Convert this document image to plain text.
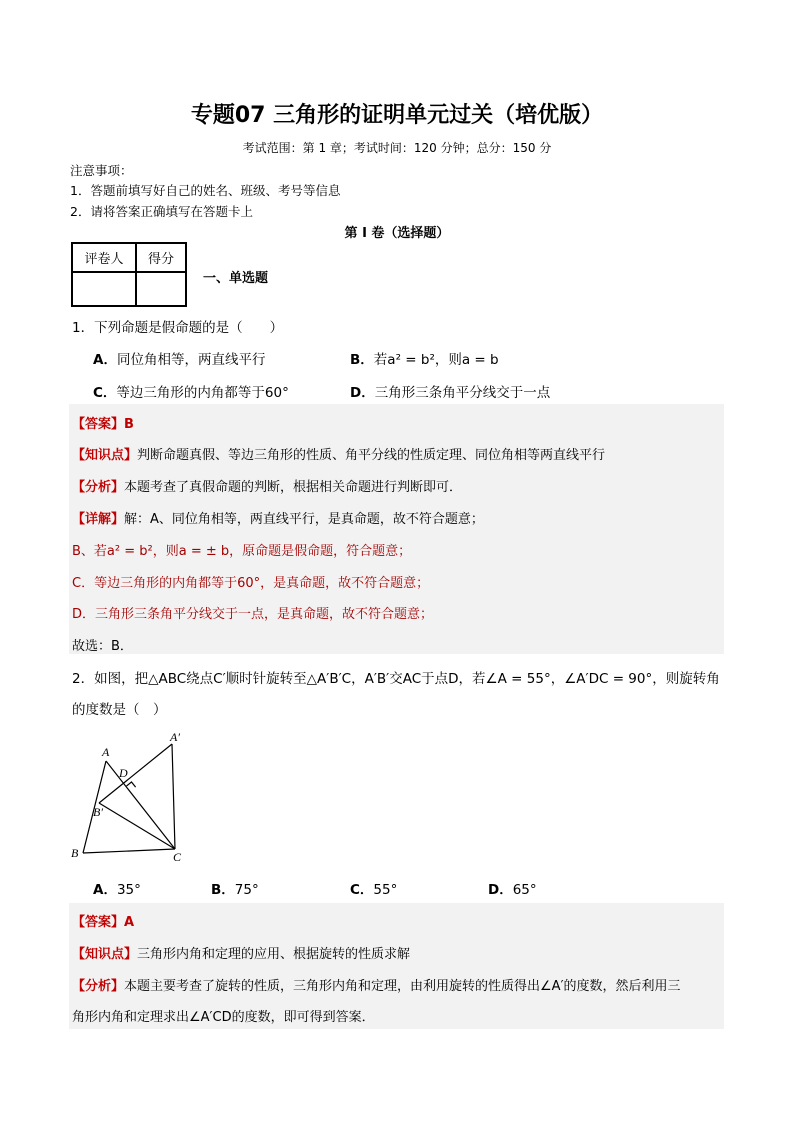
专题07 三角形的证明单元过关（培优版）
考试范围：第 1 章；考试时间：120 分钟；总分：150 分
注意事项：
1．答题前填写好自己的姓名、班级、考号等信息
2．请将答案正确填写在答题卡上
第 I 卷（选择题）
评卷人	得分

一、单选题
1．下列命题是假命题的是（　　）
A．同位角相等，两直线平行	B．若a² = b²，则a = b
C．等边三角形的内角都等于60°	D．三角形三条角平分线交于一点
【答案】B
【知识点】判断命题真假、等边三角形的性质、角平分线的性质定理、同位角相等两直线平行
【分析】本题考查了真假命题的判断，根据相关命题进行判断即可．
【详解】解：A、同位角相等，两直线平行，是真命题，故不符合题意；
B、若a² = b²，则a = ± b，原命题是假命题，符合题意；
C．等边三角形的内角都等于60°，是真命题，故不符合题意；
D．三角形三条角平分线交于一点，是真命题，故不符合题意；
故选：B．
2．如图，把△ABC绕点C′顺时针旋转至△A′B′C，A′B′交AC于点D，若∠A = 55°，∠A′DC = 90°，则旋转角
的度数是（　）
A
A′
D
B′
B	C
A．35°	B．75°	C．55°	D．65°
【答案】A
【知识点】三角形内角和定理的应用、根据旋转的性质求解
【分析】本题主要考查了旋转的性质，三角形内角和定理，由利用旋转的性质得出∠A′的度数，然后利用三
角形内角和定理求出∠A′CD的度数，即可得到答案．
